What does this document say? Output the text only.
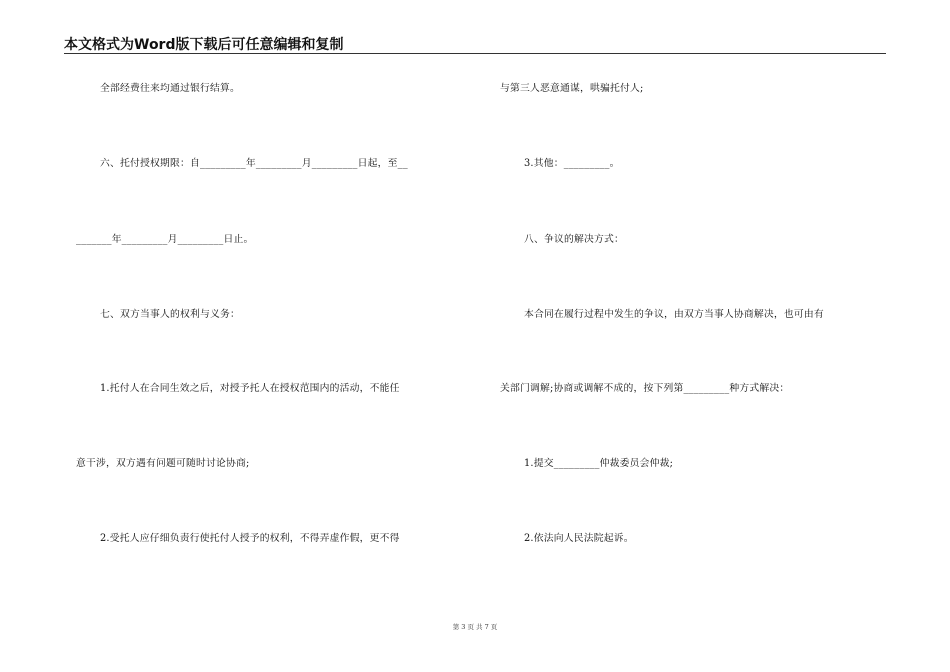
本文格式为Word版下载后可任意编辑和复制
全部经费往来均通过银行结算。
六、托付授权期限：自_________年_________月_________日起，至__
_______年_________月_________日止。
七、双方当事人的权利与义务：
1.托付人在合同生效之后，对授予托人在授权范围内的活动，不能任
意干涉，双方遇有问题可随时讨论协商;
2.受托人应仔细负责行使托付人授予的权利，不得弄虚作假，更不得
与第三人恶意通谋，哄骗托付人;
3.其他：_________。
八、争议的解决方式：
本合同在履行过程中发生的争议，由双方当事人协商解决，也可由有
关部门调解;协商或调解不成的，按下列第_________种方式解决：
1.提交_________仲裁委员会仲裁;
2.依法向人民法院起诉。
第 3 页 共 7 页
